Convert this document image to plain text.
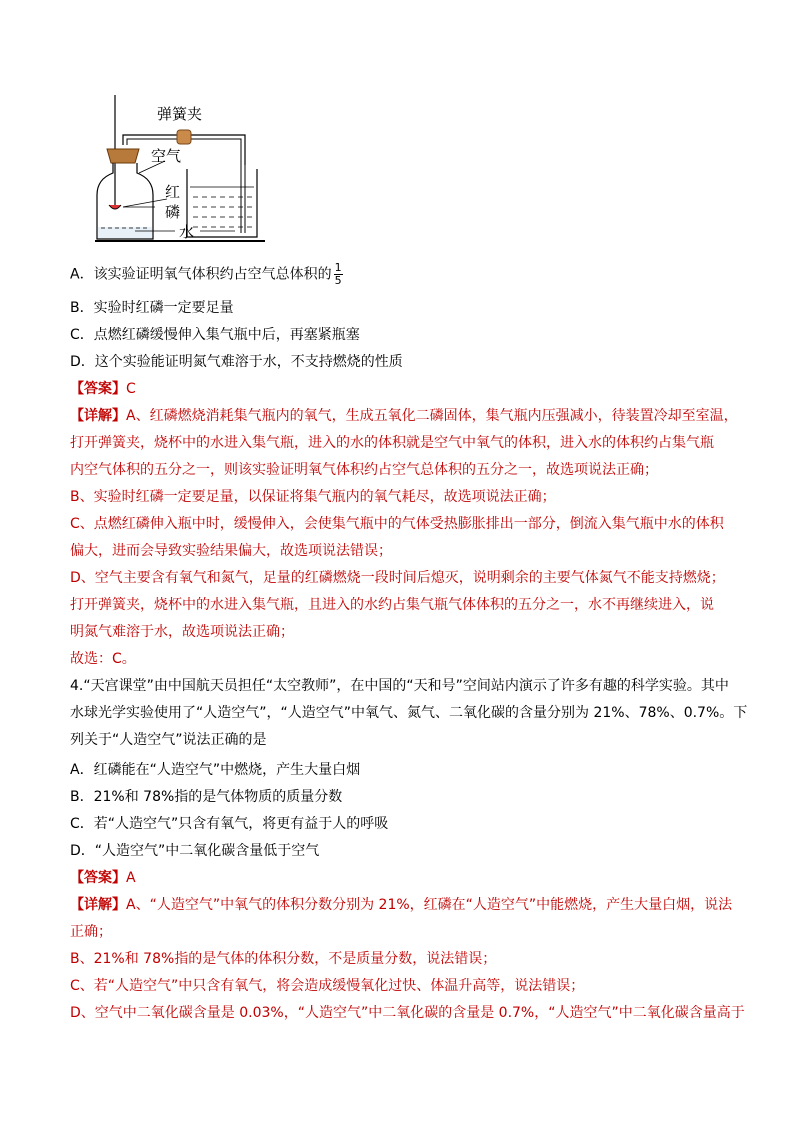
弹簧夹
空气
红
磷
水
A．该实验证明氧气体积约占空气总体积的 $\frac{1}{5}$
B．实验时红磷一定要足量
C．点燃红磷缓慢伸入集气瓶中后，再塞紧瓶塞
D．这个实验能证明氮气难溶于水，不支持燃烧的性质
【答案】C
【详解】A、红磷燃烧消耗集气瓶内的氧气，生成五氧化二磷固体，集气瓶内压强减小，待装置冷却至室温，
打开弹簧夹，烧杯中的水进入集气瓶，进入的水的体积就是空气中氧气的体积，进入水的体积约占集气瓶
内空气体积的五分之一，则该实验证明氧气体积约占空气总体积的五分之一，故选项说法正确；
B、实验时红磷一定要足量，以保证将集气瓶内的氧气耗尽，故选项说法正确；
C、点燃红磷伸入瓶中时，缓慢伸入，会使集气瓶中的气体受热膨胀排出一部分，倒流入集气瓶中水的体积
偏大，进而会导致实验结果偏大，故选项说法错误；
D、空气主要含有氧气和氮气，足量的红磷燃烧一段时间后熄灭，说明剩余的主要气体氮气不能支持燃烧；
打开弹簧夹，烧杯中的水进入集气瓶，且进入的水约占集气瓶气体体积的五分之一，水不再继续进入，说
明氮气难溶于水，故选项说法正确；
故选：C。
4.“天宫课堂”由中国航天员担任“太空教师”，在中国的“天和号”空间站内演示了许多有趣的科学实验。其中
水球光学实验使用了“人造空气”，“人造空气”中氧气、氮气、二氧化碳的含量分别为 21%、78%、0.7%。下
列关于“人造空气”说法正确的是
A．红磷能在“人造空气”中燃烧，产生大量白烟
B．21%和 78%指的是气体物质的质量分数
C．若“人造空气”只含有氧气，将更有益于人的呼吸
D．“人造空气”中二氧化碳含量低于空气
【答案】A
【详解】A、“人造空气”中氧气的体积分数分别为 21%，红磷在“人造空气”中能燃烧，产生大量白烟，说法
正确；
B、21%和 78%指的是气体的体积分数，不是质量分数，说法错误；
C、若“人造空气”中只含有氧气，将会造成缓慢氧化过快、体温升高等，说法错误；
D、空气中二氧化碳含量是 0.03%，“人造空气”中二氧化碳的含量是 0.7%，“人造空气”中二氧化碳含量高于
